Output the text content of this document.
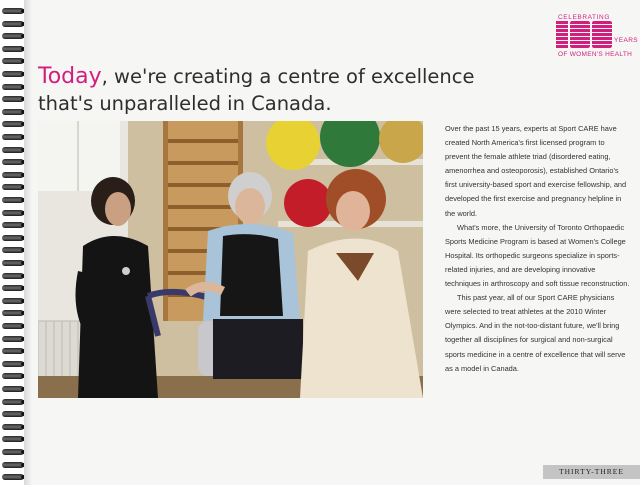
CELEBRATING
YEARS
OF WOMEN'S HEALTH
Today, we're creating a centre of excellence that's unparalleled in Canada.

Over the past 15 years, experts at Sport CARE have created North America's first licensed program to prevent the female athlete triad (disordered eating, amenorrhea and osteoporosis), established Ontario's first university-based sport and exercise fellowship, and developed the first exercise and pregnancy helpline in the world.

What's more, the University of Toronto Orthopaedic Sports Medicine Program is based at Women's College Hospital. Its orthopedic surgeons specialize in sports-related injuries, and are developing innovative techniques in arthroscopy and soft tissue reconstruction.

This past year, all of our Sport CARE physicians were selected to treat athletes at the 2010 Winter Olympics. And in the not-too-distant future, we'll bring together all disciplines for surgical and non-surgical sports medicine in a centre of excellence that will serve as a model in Canada.

THIRTY-THREE
